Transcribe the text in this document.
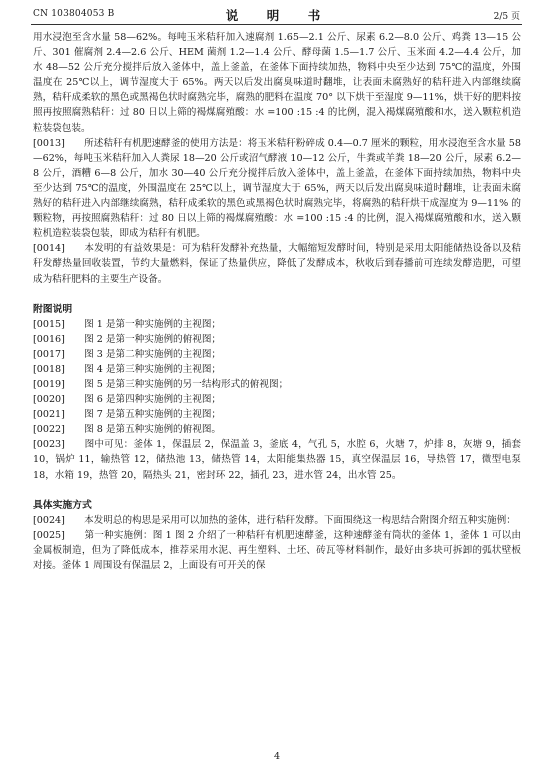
CN 103804053 B	说　明　书	2/5 页

用水浸泡至含水量 58—62%。每吨玉米秸秆加入速腐剂 1.65—2.1 公斤、尿素 6.2—8.0 公斤、鸡粪 13—15 公斤、301 催腐剂 2.4—2.6 公斤、HEM 菌剂 1.2—1.4 公斤、酵母菌 1.5—1.7 公斤、玉米面 4.2—4.4 公斤，加水 48—52 公斤充分搅拌后放入釜体中，盖上釜盖，在釜体下面持续加热，物料中央至少达到 75℃的温度，外围温度在 25℃以上，调节湿度大于 65%。两天以后发出腐臭味道时翻堆，让表面未腐熟好的秸秆进入内部继续腐熟，秸秆成柔软的黑色或黑褐色状时腐熟完毕，腐熟的肥料在温度 70° 以下烘干至湿度 9—11%，烘干好的肥料按照再按照腐熟秸秆：过 80 日以上筛的褐煤腐殖酸：水 =100 :15 :4 的比例，混入褐煤腐殖酸和水，送入颗粒机造粒装袋包装。

[0013]　　所述秸秆有机肥速酵釜的使用方法是：将玉米秸秆粉碎成 0.4—0.7 厘米的颗粒，用水浸泡至含水量 58—62%，每吨玉米秸秆加入人粪尿 18—20 公斤或沼气酵液 10—12 公斤，牛粪或羊粪 18—20 公斤，尿素 6.2—8 公斤，酒糟 6—8 公斤，加水 30—40 公斤充分搅拌后放入釜体中，盖上釜盖，在釜体下面持续加热，物料中央至少达到 75℃的温度，外围温度在 25℃以上，调节湿度大于 65%，两天以后发出腐臭味道时翻堆，让表面未腐熟好的秸秆进入内部继续腐熟，秸秆成柔软的黑色或黑褐色状时腐熟完毕，将腐熟的秸秆烘干成湿度为 9—11% 的颗粒物，再按照腐熟秸秆：过 80 日以上筛的褐煤腐殖酸：水 =100 :15 :4 的比例，混入褐煤腐殖酸和水，送入颗粒机造粒装袋包装，即成为秸秆有机肥。

[0014]　　本发明的有益效果是：可为秸秆发酵补充热量，大幅缩短发酵时间，特别是采用太阳能储热设备以及秸秆发酵热量回收装置，节约大量燃料，保证了热量供应，降低了发酵成本，秋收后到春播前可连续发酵造肥，可望成为秸秆肥料的主要生产设备。

附图说明

[0015]　　图 1 是第一种实施例的主视图；

[0016]　　图 2 是第一种实施例的俯视图；

[0017]　　图 3 是第二种实施例的主视图；

[0018]　　图 4 是第三种实施例的主视图；

[0019]　　图 5 是第三种实施例的另一结构形式的俯视图；

[0020]　　图 6 是第四种实施例的主视图；

[0021]　　图 7 是第五种实施例的主视图；

[0022]　　图 8 是第五种实施例的俯视图。

[0023]　　图中可见：釜体 1，保温层 2，保温盖 3，釜底 4，气孔 5，水腔 6，火塘 7，炉排 8，灰塘 9，插套 10，锅炉 11，输热管 12，储热池 13，储热管 14，太阳能集热器 15，真空保温层 16，导热管 17，微型电泵 18，水箱 19，热管 20，隔热头 21，密封环 22，插孔 23，进水管 24，出水管 25。

具体实施方式

[0024]　　本发明总的构思是采用可以加热的釜体，进行秸秆发酵。下面围绕这一构思结合附图介绍五种实施例：

[0025]　　第一种实施例：图 1 图 2 介绍了一种秸秆有机肥速酵釜，这种速酵釜有筒状的釜体 1，釜体 1 可以由金属板制造，但为了降低成本，推荐采用水泥、再生塑料、土坯、砖瓦等材料制作，最好由多块可拆卸的弧状壁板对接。釜体 1 周围设有保温层 2，上面设有可开关的保

4
